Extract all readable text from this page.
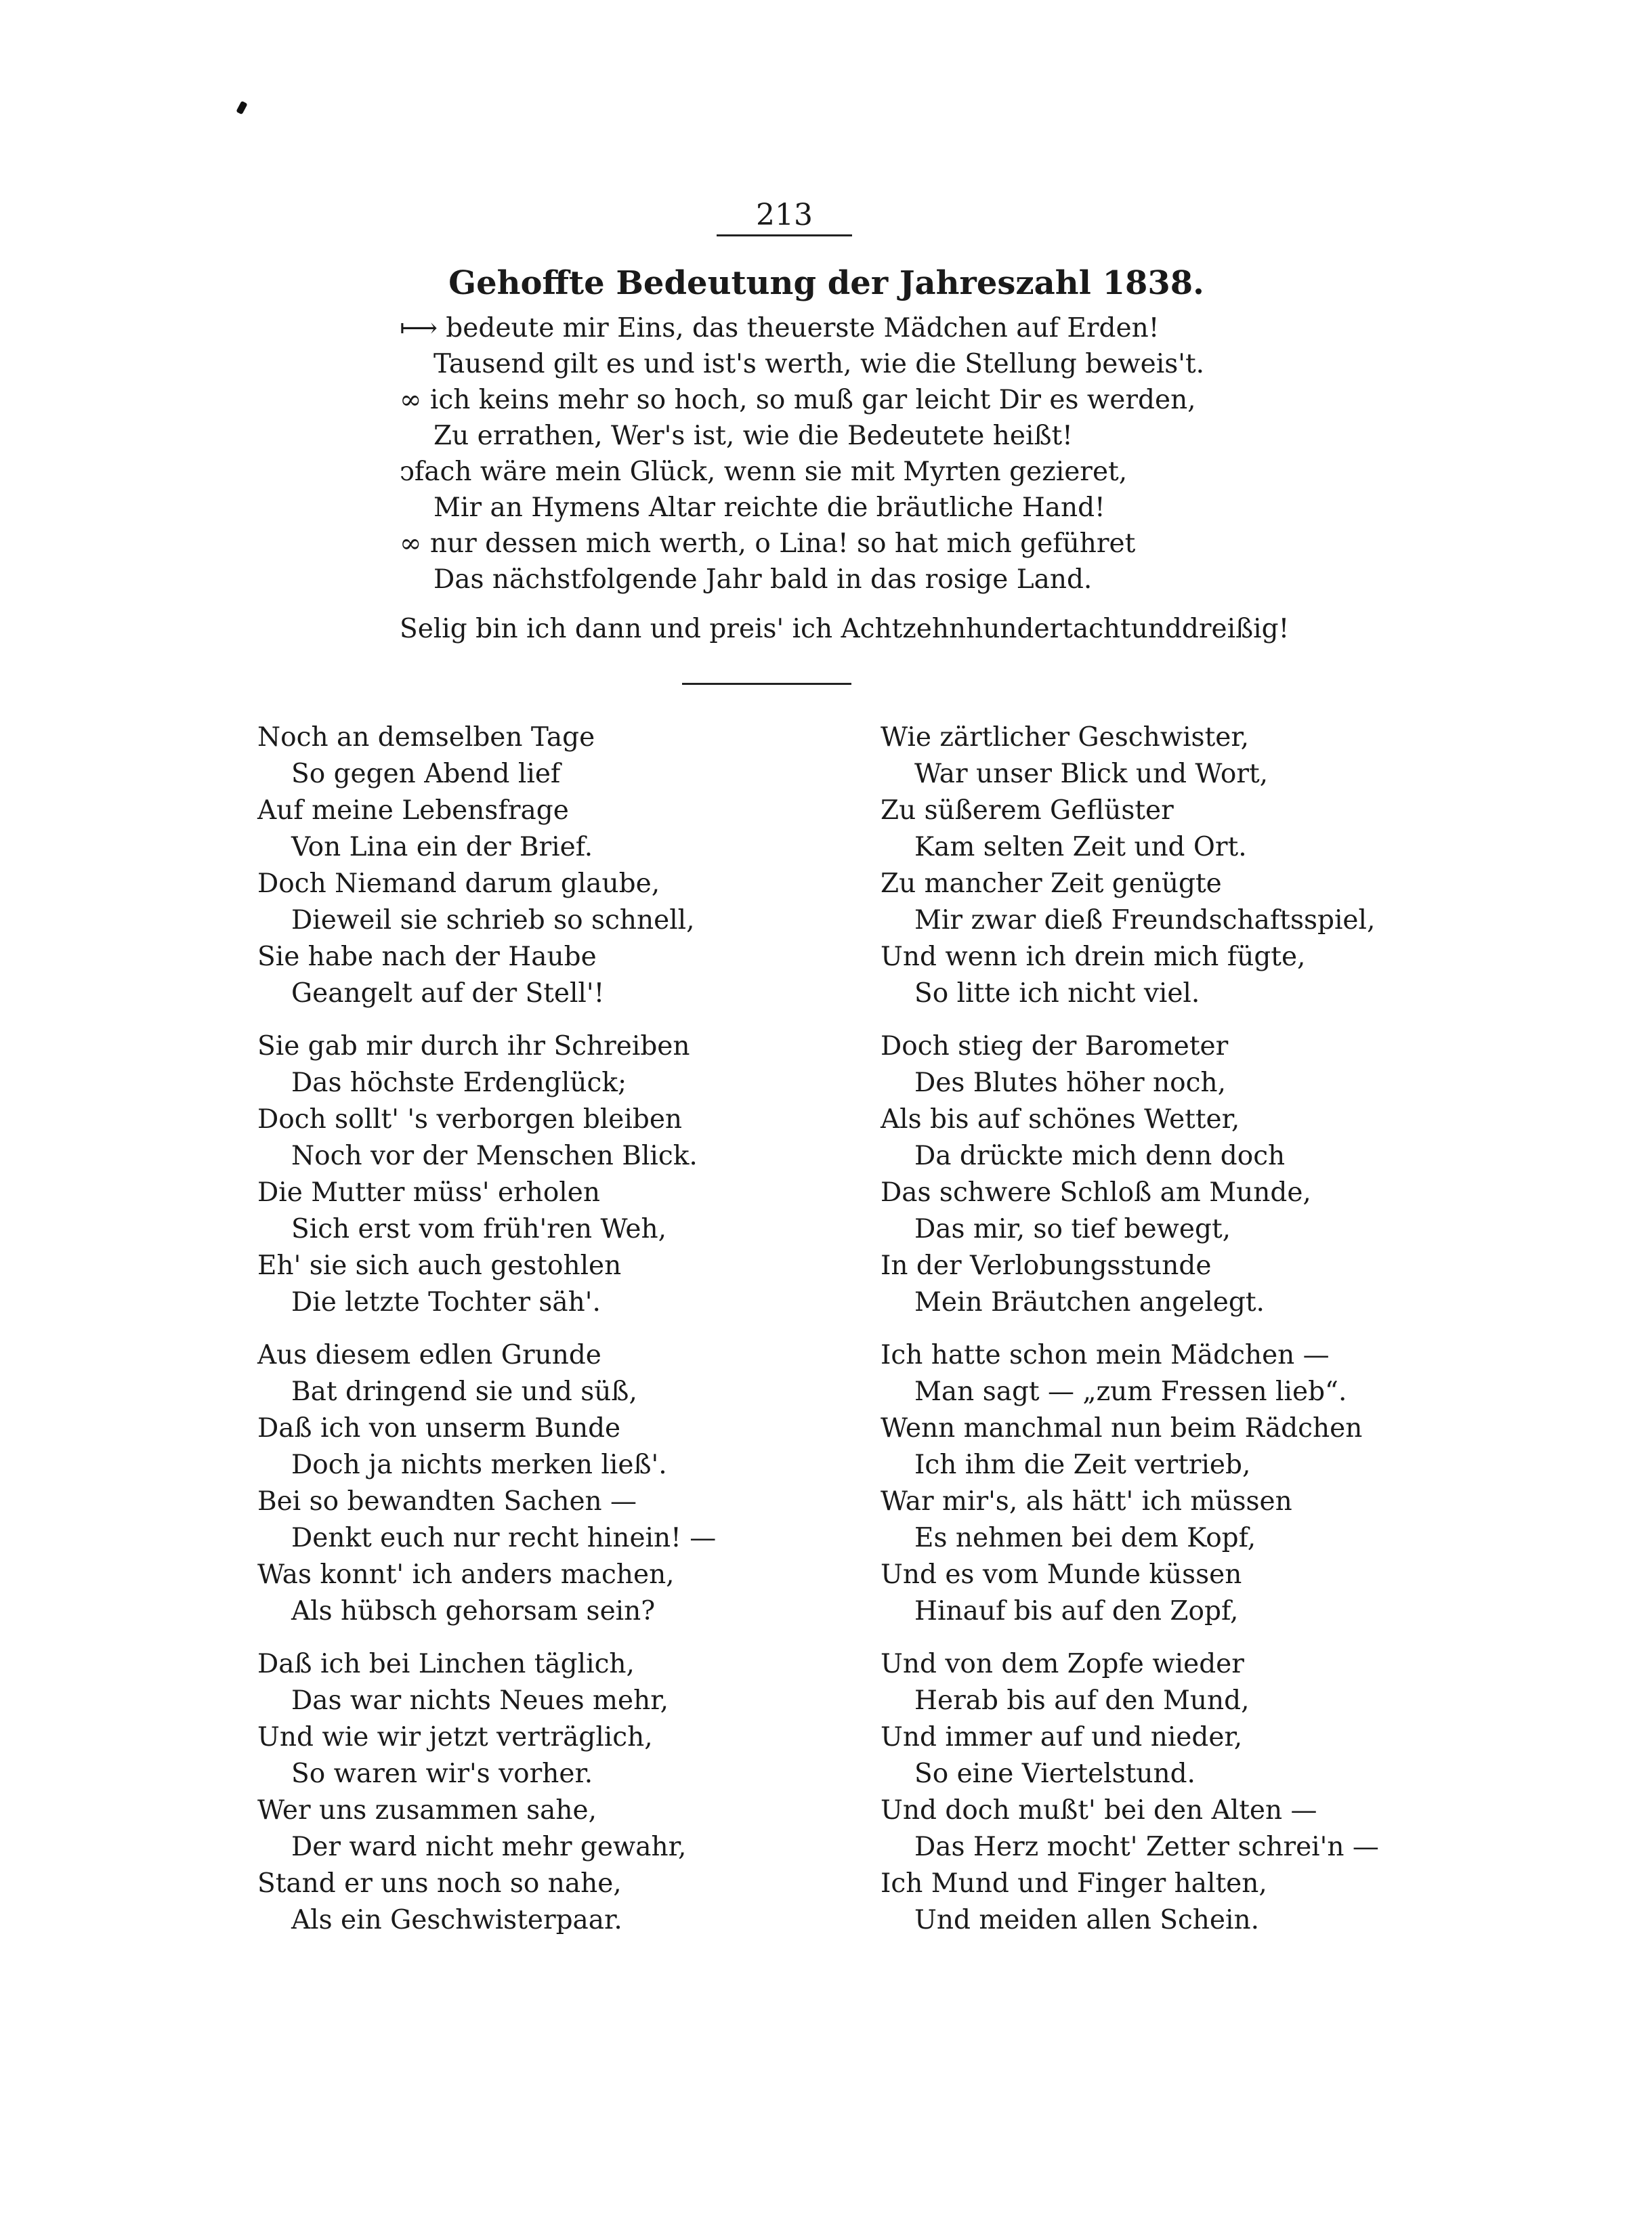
213
Gehoffte Bedeutung der Jahreszahl 1838.
⟼ bedeute mir Eins, das theuerste Mädchen auf Erden!
Tausend gilt es und ist's werth, wie die Stellung beweis't.
∞ ich keins mehr so hoch, so muß gar leicht Dir es werden,
Zu errathen, Wer's ist, wie die Bedeutete heißt!
ↄfach wäre mein Glück, wenn sie mit Myrten gezieret,
Mir an Hymens Altar reichte die bräutliche Hand!
∞ nur dessen mich werth, o Lina! so hat mich geführet
Das nächstfolgende Jahr bald in das rosige Land.
Selig bin ich dann und preis' ich Achtzehnhundertachtunddreißig!
Noch an demselben Tage
So gegen Abend lief
Auf meine Lebensfrage
Von Lina ein der Brief.
Doch Niemand darum glaube,
Dieweil sie schrieb so schnell,
Sie habe nach der Haube
Geangelt auf der Stell'!
Sie gab mir durch ihr Schreiben
Das höchste Erdenglück;
Doch sollt' 's verborgen bleiben
Noch vor der Menschen Blick.
Die Mutter müss' erholen
Sich erst vom früh'ren Weh,
Eh' sie sich auch gestohlen
Die letzte Tochter säh'.
Aus diesem edlen Grunde
Bat dringend sie und süß,
Daß ich von unserm Bunde
Doch ja nichts merken ließ'.
Bei so bewandten Sachen —
Denkt euch nur recht hinein! —
Was konnt' ich anders machen,
Als hübsch gehorsam sein?
Daß ich bei Linchen täglich,
Das war nichts Neues mehr,
Und wie wir jetzt verträglich,
So waren wir's vorher.
Wer uns zusammen sahe,
Der ward nicht mehr gewahr,
Stand er uns noch so nahe,
Als ein Geschwisterpaar.
Wie zärtlicher Geschwister,
War unser Blick und Wort,
Zu süßerem Geflüster
Kam selten Zeit und Ort.
Zu mancher Zeit genügte
Mir zwar dieß Freundschaftsspiel,
Und wenn ich drein mich fügte,
So litte ich nicht viel.
Doch stieg der Barometer
Des Blutes höher noch,
Als bis auf schönes Wetter,
Da drückte mich denn doch
Das schwere Schloß am Munde,
Das mir, so tief bewegt,
In der Verlobungsstunde
Mein Bräutchen angelegt.
Ich hatte schon mein Mädchen —
Man sagt — „zum Fressen lieb“.
Wenn manchmal nun beim Rädchen
Ich ihm die Zeit vertrieb,
War mir's, als hätt' ich müssen
Es nehmen bei dem Kopf,
Und es vom Munde küssen
Hinauf bis auf den Zopf,
Und von dem Zopfe wieder
Herab bis auf den Mund,
Und immer auf und nieder,
So eine Viertelstund.
Und doch mußt' bei den Alten —
Das Herz mocht' Zetter schrei'n —
Ich Mund und Finger halten,
Und meiden allen Schein.
